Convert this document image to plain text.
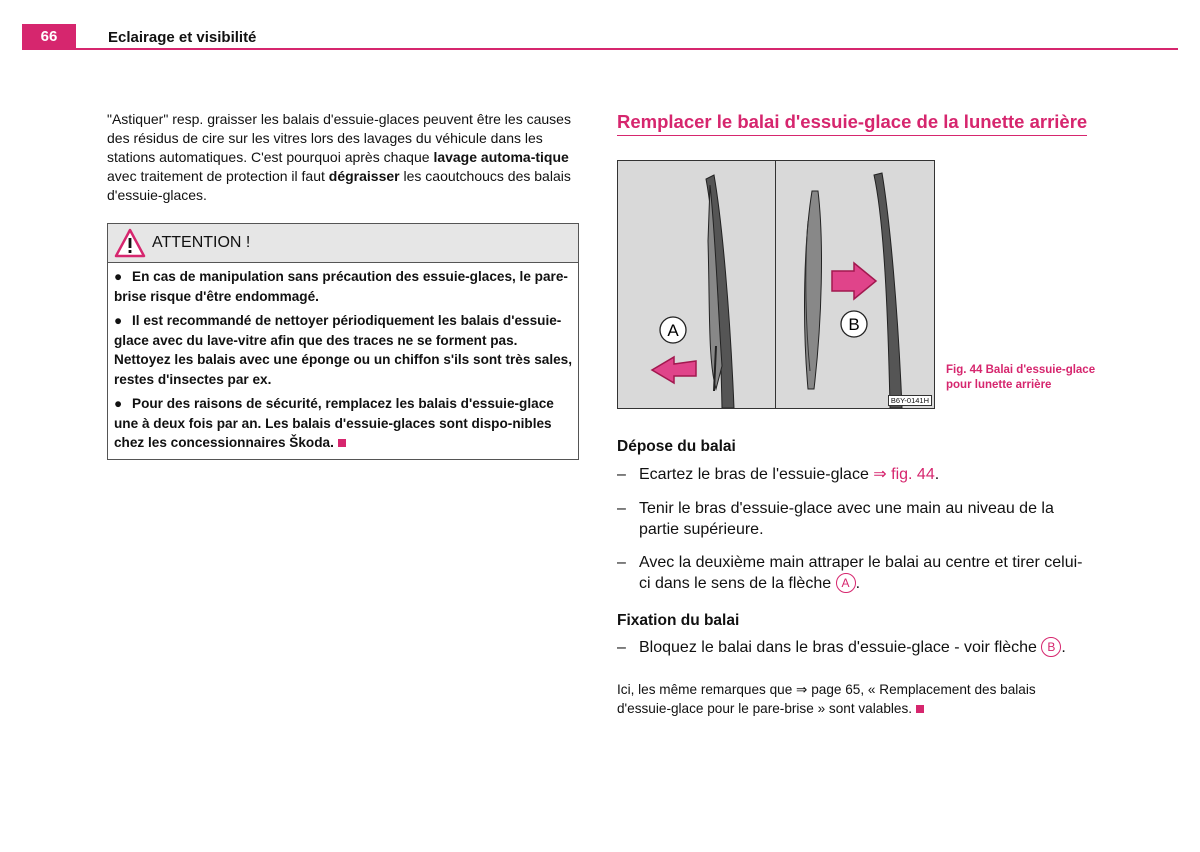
66	Eclairage et visibilité

"Astiquer" resp. graisser les balais d'essuie-glaces peuvent être les causes des résidus de cire sur les vitres lors des lavages du véhicule dans les stations automatiques. C'est pourquoi après chaque lavage automa-tique avec traitement de protection il faut dégraisser les caoutchoucs des balais d'essuie-glaces.

ATTENTION !

● En cas de manipulation sans précaution des essuie-glaces, le pare-brise risque d'être endommagé.

● Il est recommandé de nettoyer périodiquement les balais d'essuie-glace avec du lave-vitre afin que des traces ne se forment pas. Nettoyez les balais avec une éponge ou un chiffon s'ils sont très sales, restes d'insectes par ex.

● Pour des raisons de sécurité, remplacez les balais d'essuie-glace une à deux fois par an. Les balais d'essuie-glaces sont dispo-nibles chez les concessionnaires Škoda.

Remplacer le balai d'essuie-glace de la lunette arrière
A	B
B6Y-0141H
Fig. 44 Balai d'essuie-glace pour lunette arrière
Dépose du balai
– Ecartez le bras de l'essuie-glace ⇒ fig. 44.
– Tenir le bras d'essuie-glace avec une main au niveau de la partie supérieure.
– Avec la deuxième main attraper le balai au centre et tirer celui-ci dans le sens de la flèche A .
Fixation du balai
– Bloquez le balai dans le bras d'essuie-glace - voir flèche B .
Ici, les même remarques que ⇒ page 65, « Remplacement des balais d'essuie-glace pour le pare-brise » sont valables.
